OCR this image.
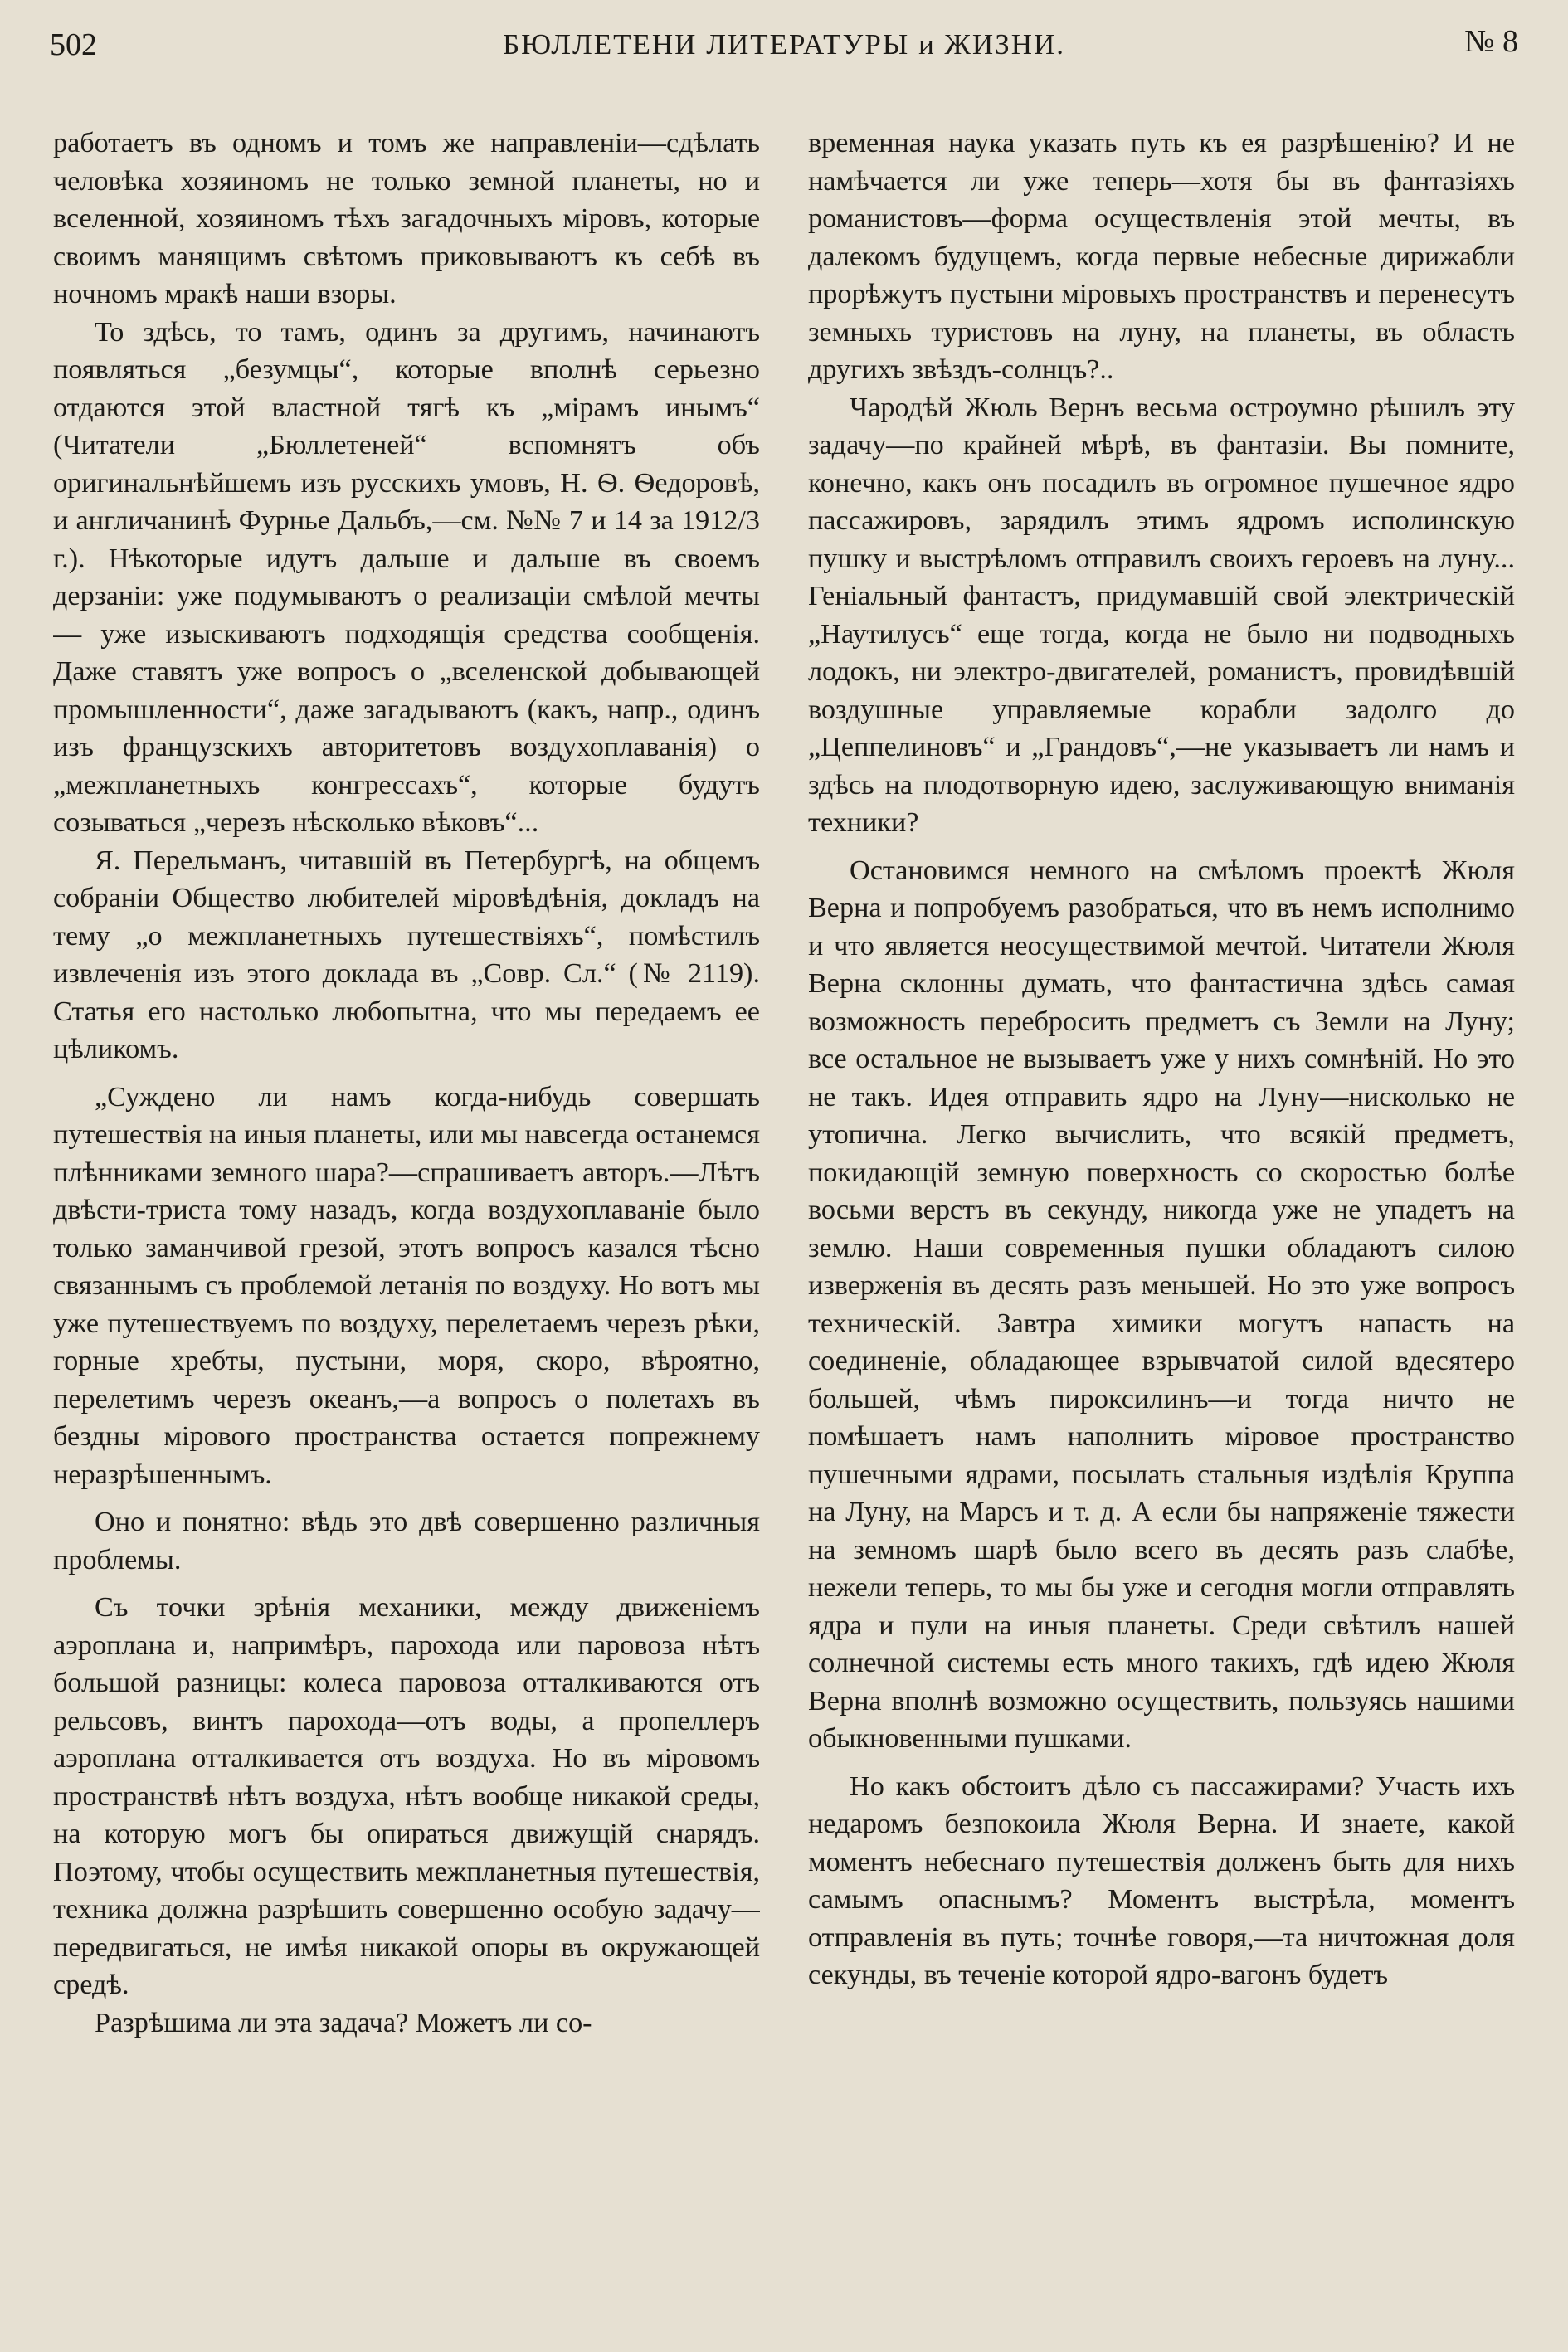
502	БЮЛЛЕТЕНИ ЛИТЕРАТУРЫ и ЖИЗНИ.	№ 8

работаетъ въ одномъ и томъ же направленiи—сдѣлать человѣка хозяиномъ не только земной планеты, но и вселенной, хозяиномъ тѣхъ загадочныхъ мiровъ, которые своимъ манящимъ свѣтомъ приковываютъ къ себѣ въ ночномъ мракѣ наши взоры.

То здѣсь, то тамъ, одинъ за другимъ, начинаютъ появляться „безумцы“, которые вполнѣ серьезно отдаются этой властной тягѣ къ „мiрамъ инымъ“ (Читатели „Бюллетеней“ вспомнятъ объ оригинальнѣйшемъ изъ русскихъ умовъ, Н. Ѳ. Ѳедоровѣ, и англичанинѣ Фурнье Дальбъ,—см. №№ 7 и 14 за 1912/3 г.). Нѣкоторые идутъ дальше и дальше въ своемъ дерзанiи: уже подумываютъ о реализацiи смѣлой мечты — уже изыскиваютъ подходящiя средства сообщенiя. Даже ставятъ уже вопросъ о „вселенской добывающей промышленности“, даже загадываютъ (какъ, напр., одинъ изъ французскихъ авторитетовъ воздухоплаванiя) о „межпланетныхъ конгрессахъ“, которые будутъ созываться „черезъ нѣсколько вѣковъ“...

Я. Перельманъ, читавшiй въ Петербургѣ, на общемъ собранiи Общество любителей мiровѣдѣнiя, докладъ на тему „о межпланетныхъ путешествiяхъ“, помѣстилъ извлеченiя изъ этого доклада въ „Совр. Сл.“ (№ 2119). Статья его настолько любопытна, что мы передаемъ ее цѣликомъ.

„Суждено ли намъ когда-нибудь совершать путешествiя на иныя планеты, или мы навсегда останемся плѣнниками земного шара?—спрашиваетъ авторъ.—Лѣтъ двѣсти-триста тому назадъ, когда воздухоплаванiе было только заманчивой грезой, этотъ вопросъ казался тѣсно связаннымъ съ проблемой летанiя по воздуху. Но вотъ мы уже путешествуемъ по воздуху, перелетаемъ черезъ рѣки, горные хребты, пустыни, моря, скоро, вѣроятно, перелетимъ черезъ океанъ,—а вопросъ о полетахъ въ бездны мiрового пространства остается попрежнему неразрѣшеннымъ.

Оно и понятно: вѣдь это двѣ совершенно различныя проблемы.

Съ точки зрѣнiя механики, между движенiемъ аэроплана и, напримѣръ, парохода или паровоза нѣтъ большой разницы: колеса паровоза отталкиваются отъ рельсовъ, винтъ парохода—отъ воды, а пропеллеръ аэроплана отталкивается отъ воздуха. Но въ мiровомъ пространствѣ нѣтъ воздуха, нѣтъ вообще никакой среды, на которую могъ бы опираться движущiй снарядъ. Поэтому, чтобы осуществить межпланетныя путешествiя, техника должна разрѣшить совершенно особую задачу—передвигаться, не имѣя никакой опоры въ окружающей средѣ.

Разрѣшима ли эта задача? Можетъ ли со-

временная наука указать путь къ ея разрѣшенiю? И не намѣчается ли уже теперь—хотя бы въ фантазiяхъ романистовъ—форма осуществленiя этой мечты, въ далекомъ будущемъ, когда первые небесные дирижабли прорѣжутъ пустыни мiровыхъ пространствъ и перенесутъ земныхъ туристовъ на луну, на планеты, въ область другихъ звѣздъ-солнцъ?..

Чародѣй Жюль Вернъ весьма остроумно рѣшилъ эту задачу—по крайней мѣрѣ, въ фантазiи. Вы помните, конечно, какъ онъ посадилъ въ огромное пушечное ядро пассажировъ, зарядилъ этимъ ядромъ исполинскую пушку и выстрѣломъ отправилъ своихъ героевъ на луну... Генiальный фантастъ, придумавшiй свой электрическiй „Наутилусъ“ еще тогда, когда не было ни подводныхъ лодокъ, ни электро-двигателей, романистъ, провидѣвшiй воздушные управляемые корабли задолго до „Цеппелиновъ“ и „Грандовъ“,—не указываетъ ли намъ и здѣсь на плодотворную идею, заслуживающую вниманiя техники?

Остановимся немного на смѣломъ проектѣ Жюля Верна и попробуемъ разобраться, что въ немъ исполнимо и что является неосуществимой мечтой. Читатели Жюля Верна склонны думать, что фантастична здѣсь самая возможность перебросить предметъ съ Земли на Луну; все остальное не вызываетъ уже у нихъ сомнѣнiй. Но это не такъ. Идея отправить ядро на Луну—нисколько не утопична. Легко вычислить, что всякiй предметъ, покидающiй земную поверхность со скоростью болѣе восьми верстъ въ секунду, никогда уже не упадетъ на землю. Наши современныя пушки обладаютъ силою изверженiя въ десять разъ меньшей. Но это уже вопросъ техническiй. Завтра химики могутъ напасть на соединенiе, обладающее взрывчатой силой вдесятеро большей, чѣмъ пироксилинъ—и тогда ничто не помѣшаетъ намъ наполнить мiровое пространство пушечными ядрами, посылать стальныя издѣлiя Круппа на Луну, на Марсъ и т. д. А если бы напряженiе тяжести на земномъ шарѣ было всего въ десять разъ слабѣе, нежели теперь, то мы бы уже и сегодня могли отправлять ядра и пули на иныя планеты. Среди свѣтилъ нашей солнечной системы есть много такихъ, гдѣ идею Жюля Верна вполнѣ возможно осуществить, пользуясь нашими обыкновенными пушками.

Но какъ обстоитъ дѣло съ пассажирами? Участь ихъ недаромъ безпокоила Жюля Верна. И знаете, какой моментъ небеснаго путешествiя долженъ быть для нихъ самымъ опаснымъ? Моментъ выстрѣла, моментъ отправленiя въ путь; точнѣе говоря,—та ничтожная доля секунды, въ теченiе которой ядро-вагонъ будетъ
